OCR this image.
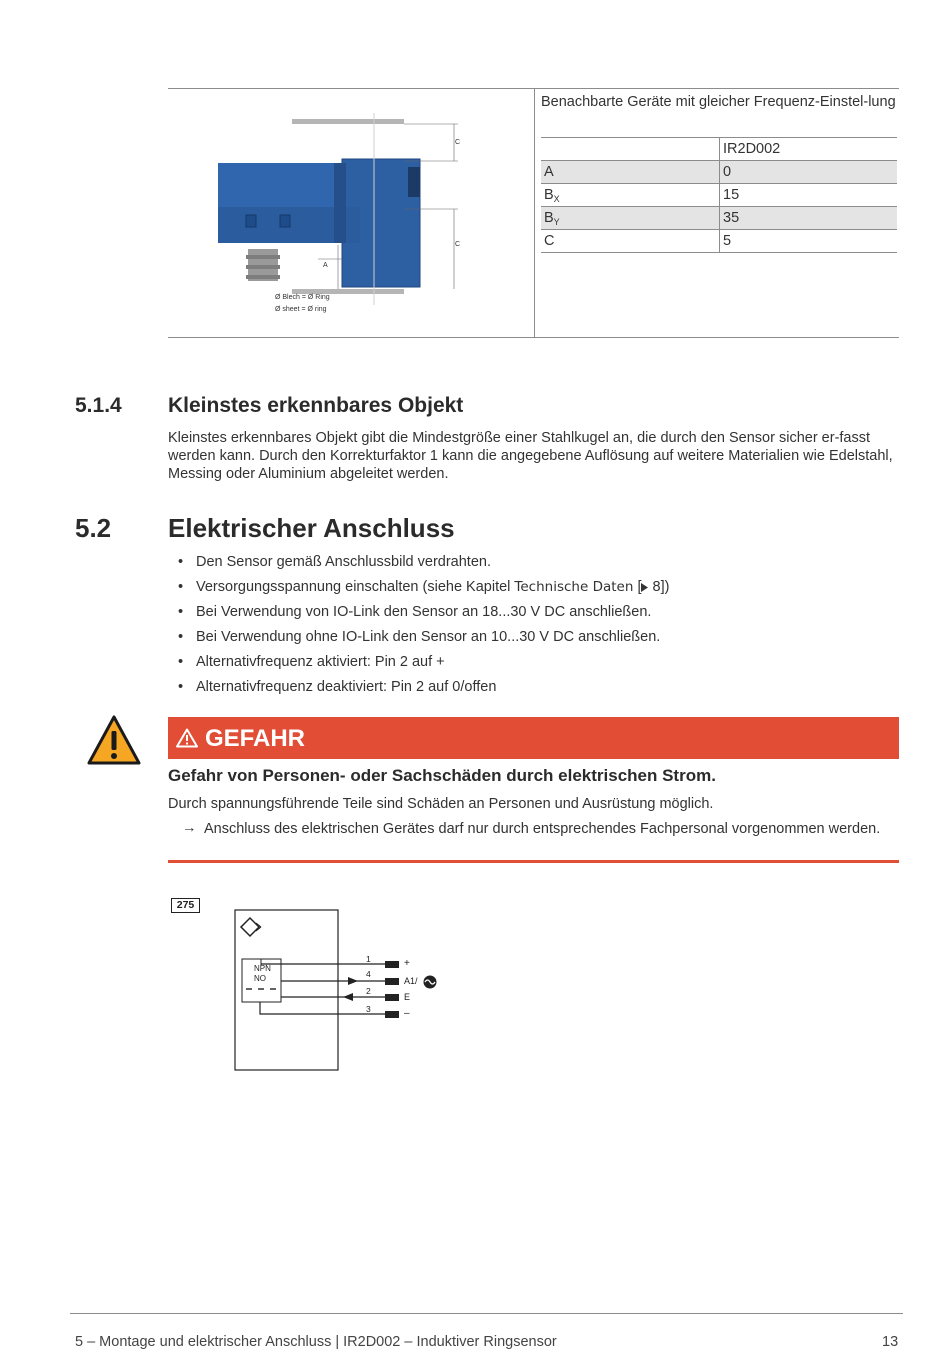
C
C
A
Ø Blech = Ø Ring
Ø sheet = Ø ring
Benachbarte Geräte mit gleicher Frequenz-Einstel-lung
	IR2D002
A	0
$B_X$	15
$B_Y$	35
C	5
5.1.4 Kleinstes erkennbares Objekt
Kleinstes erkennbares Objekt gibt die Mindestgröße einer Stahlkugel an, die durch den Sensor sicher er-fasst werden kann. Durch den Korrekturfaktor 1 kann die angegebene Auflösung auf weitere Materialien wie Edelstahl, Messing oder Aluminium abgeleitet werden.
5.2 Elektrischer Anschluss
• Den Sensor gemäß Anschlussbild verdrahten.
• Versorgungsspannung einschalten (siehe Kapitel Technische Daten [ 8])
• Bei Verwendung von IO-Link den Sensor an 18...30 V DC anschließen.
• Bei Verwendung ohne IO-Link den Sensor an 10...30 V DC anschließen.
• Alternativfrequenz aktiviert: Pin 2 auf +
• Alternativfrequenz deaktiviert: Pin 2 auf 0/offen
GEFAHR
Gefahr von Personen- oder Sachschäden durch elektrischen Strom.
Durch spannungsführende Teile sind Schäden an Personen und Ausrüstung möglich.
→ Anschluss des elektrischen Gerätes darf nur durch entsprechendes Fachpersonal vorgenommen werden.
275
NPN
NO
1
4
2
3
+
A1/
E
–
5 – Montage und elektrischer Anschluss | IR2D002 – Induktiver Ringsensor	13
